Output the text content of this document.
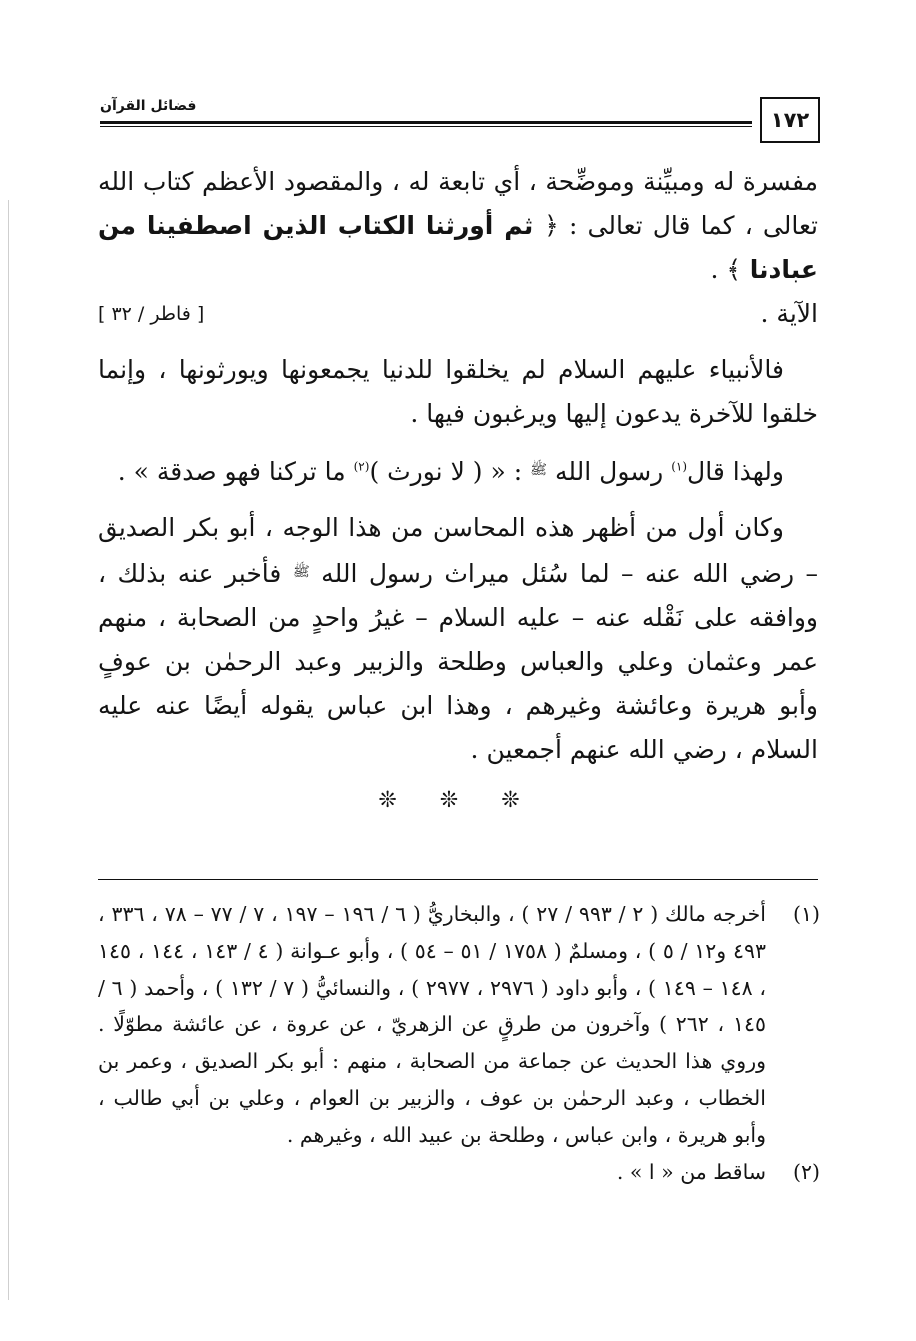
١٧٢
فضائل القرآن

مفسرة له ومبيِّنة وموضِّحة ، أي تابعة له ، والمقصود الأعظم كتاب الله تعالى ، كما قال تعالى : ﴿ ثم أورثنا الكتاب الذين اصطفينا من عبادنا ﴾ .

الآية .
[ فاطر / ٣٢ ]

فالأنبياء عليهم السلام لم يخلقوا للدنيا يجمعونها ويورثونها ، وإنما خلقوا للآخرة يدعون إليها ويرغبون فيها .

ولهذا قال$^{(١)}$ رسول الله $^ﷺ$ : « ( لا نورث )$^{(٢)}$ ما تركنا فهو صدقة » .

وكان أول من أظهر هذه المحاسن من هذا الوجه ، أبو بكر الصديق – رضي الله عنه – لما سُئل ميراث رسول الله $^ﷺ$ فأخبر عنه بذلك ، ووافقه على نَقْله عنه – عليه السلام – غيرُ واحدٍ من الصحابة ، منهم عمر وعثمان وعلي والعباس وطلحة والزبير وعبد الرحمٰن بن عوفٍ وأبو هريرة وعائشة وغيرهم ، وهذا ابن عباس يقوله أيضًا عنه عليه السلام ، رضي الله عنهم أجمعين .

❊ ❊ ❊
(١)

أخرجه مالك ( ٢ / ٩٩٣ / ٢٧ ) ، والبخاريُّ ( ٦ / ١٩٦ – ١٩٧ ، ٧ / ٧٧ – ٧٨ ، ٣٣٦ ، ٤٩٣ و١٢ / ٥ ) ، ومسلمٌ ( ١٧٥٨ / ٥١ – ٥٤ ) ، وأبو عـوانة ( ٤ / ١٤٣ ، ١٤٤ ، ١٤٥ ، ١٤٨ – ١٤٩ ) ، وأبو داود ( ٢٩٧٦ ، ٢٩٧٧ ) ، والنسائيُّ ( ٧ / ١٣٢ ) ، وأحمد ( ٦ / ١٤٥ ، ٢٦٢ ) وآخرون من طرقٍ عن الزهريّ ، عن عروة ، عن عائشة مطوّلًا . وروي هذا الحديث عن جماعة من الصحابة ، منهم : أبو بكر الصديق ، وعمر بن الخطاب ، وعبد الرحمٰن بن عوف ، والزبير بن العوام ، وعلي بن أبي طالب ، وأبو هريرة ، وابن عباس ، وطلحة بن عبيد الله ، وغيرهم .

(٢)

ساقط من « ا » .
